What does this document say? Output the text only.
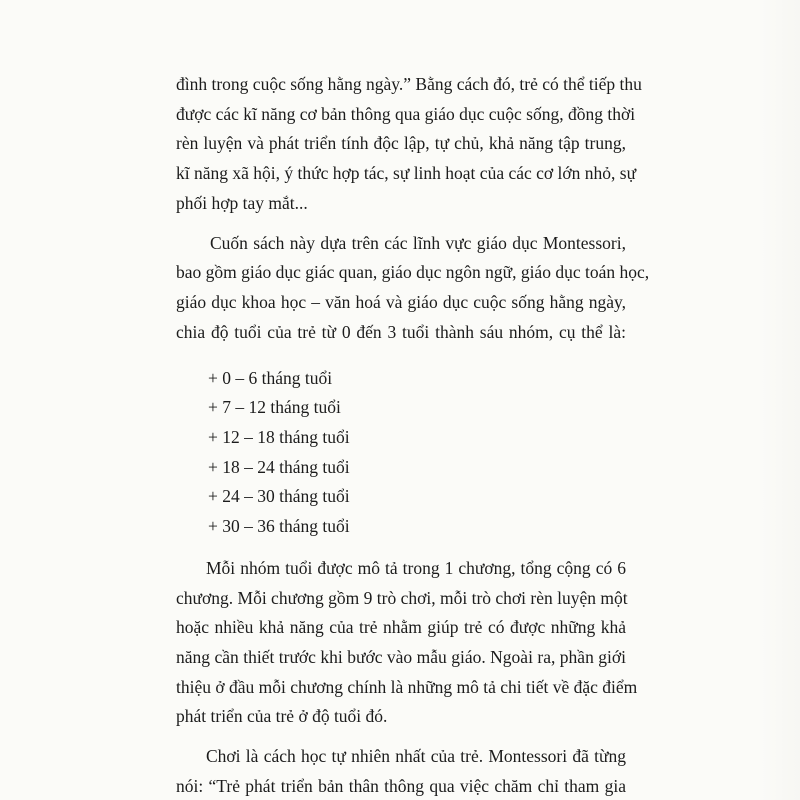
đình trong cuộc sống hằng ngày.” Bằng cách đó, trẻ có thể tiếp thu
được các kĩ năng cơ bản thông qua giáo dục cuộc sống, đồng thời
rèn luyện và phát triển tính độc lập, tự chủ, khả năng tập trung,
kĩ năng xã hội, ý thức hợp tác, sự linh hoạt của các cơ lớn nhỏ, sự
phối hợp tay mắt...
Cuốn sách này dựa trên các lĩnh vực giáo dục Montessori,
bao gồm giáo dục giác quan, giáo dục ngôn ngữ, giáo dục toán học,
giáo dục khoa học – văn hoá và giáo dục cuộc sống hằng ngày,
chia độ tuổi của trẻ từ 0 đến 3 tuổi thành sáu nhóm, cụ thể là:
+ 0 – 6 tháng tuổi
+ 7 – 12 tháng tuổi
+ 12 – 18 tháng tuổi
+ 18 – 24 tháng tuổi
+ 24 – 30 tháng tuổi
+ 30 – 36 tháng tuổi
Mỗi nhóm tuổi được mô tả trong 1 chương, tổng cộng có 6
chương. Mỗi chương gồm 9 trò chơi, mỗi trò chơi rèn luyện một
hoặc nhiều khả năng của trẻ nhằm giúp trẻ có được những khả
năng cần thiết trước khi bước vào mẫu giáo. Ngoài ra, phần giới
thiệu ở đầu mỗi chương chính là những mô tả chi tiết về đặc điểm
phát triển của trẻ ở độ tuổi đó.
Chơi là cách học tự nhiên nhất của trẻ. Montessori đã từng
nói: “Trẻ phát triển bản thân thông qua việc chăm chỉ tham gia
